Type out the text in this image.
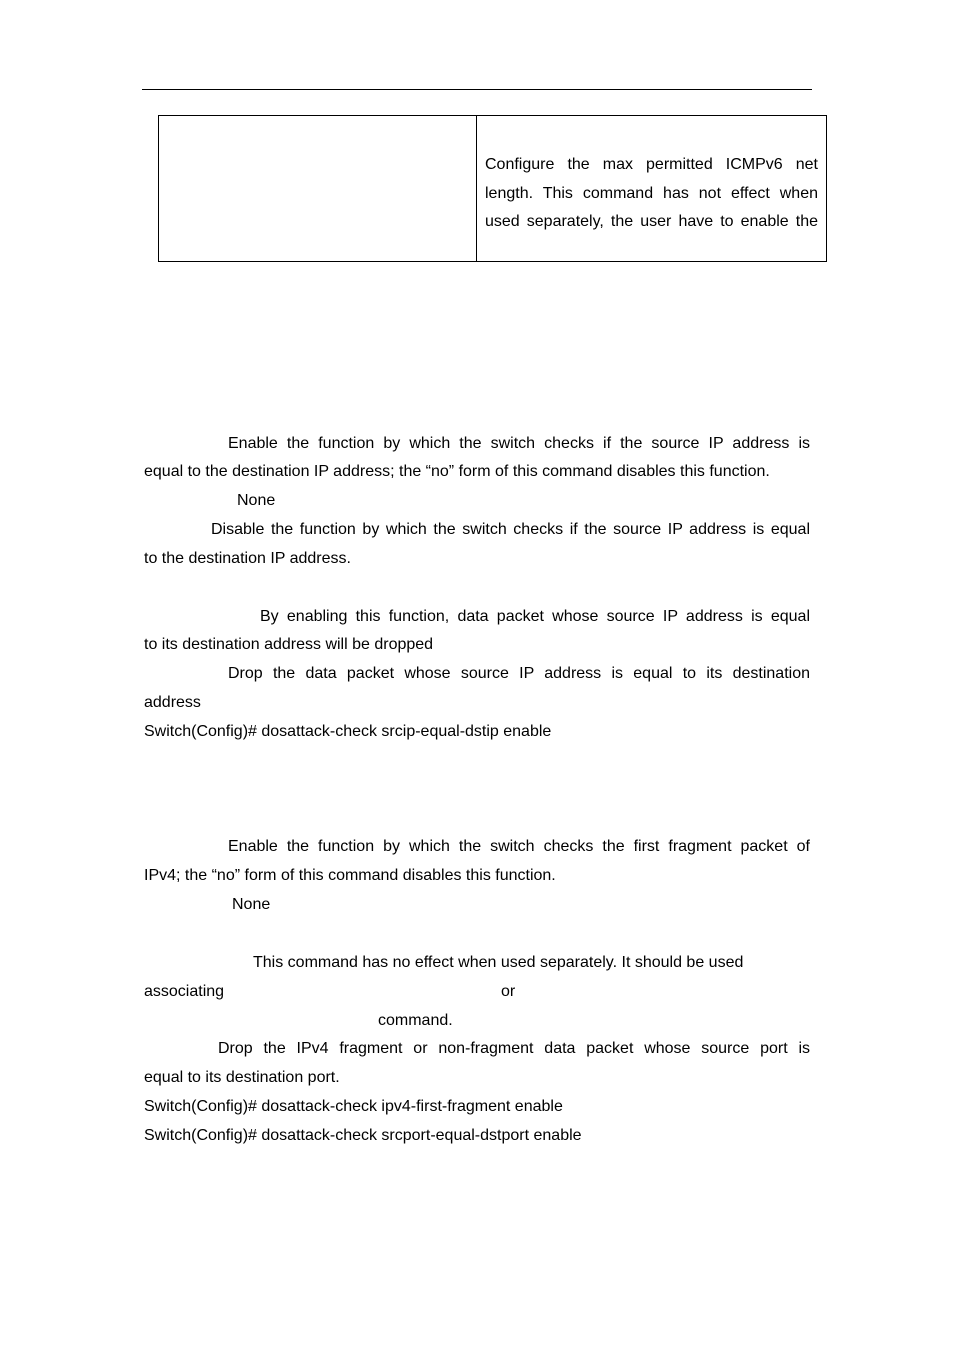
Configure the max permitted ICMPv6 net
length. This command has not effect when
used separately, the user have to enable the
Enable the function by which the switch checks if the source IP address is
equal to the destination IP address; the “no” form of this command disables this function.
None
Disable the function by which the switch checks if the source IP address is equal
to the destination IP address.
By enabling this function, data packet whose source IP address is equal
to its destination address will be dropped
Drop the data packet whose source IP address is equal to its destination
address
Switch(Config)# dosattack-check srcip-equal-dstip enable
Enable the function by which the switch checks the first fragment packet of
IPv4; the “no” form of this command disables this function.
None
This command has no effect when used separately. It should be used
associating	or
command.
Drop the IPv4 fragment or non-fragment data packet whose source port is
equal to its destination port.
Switch(Config)# dosattack-check ipv4-first-fragment enable
Switch(Config)# dosattack-check srcport-equal-dstport enable
